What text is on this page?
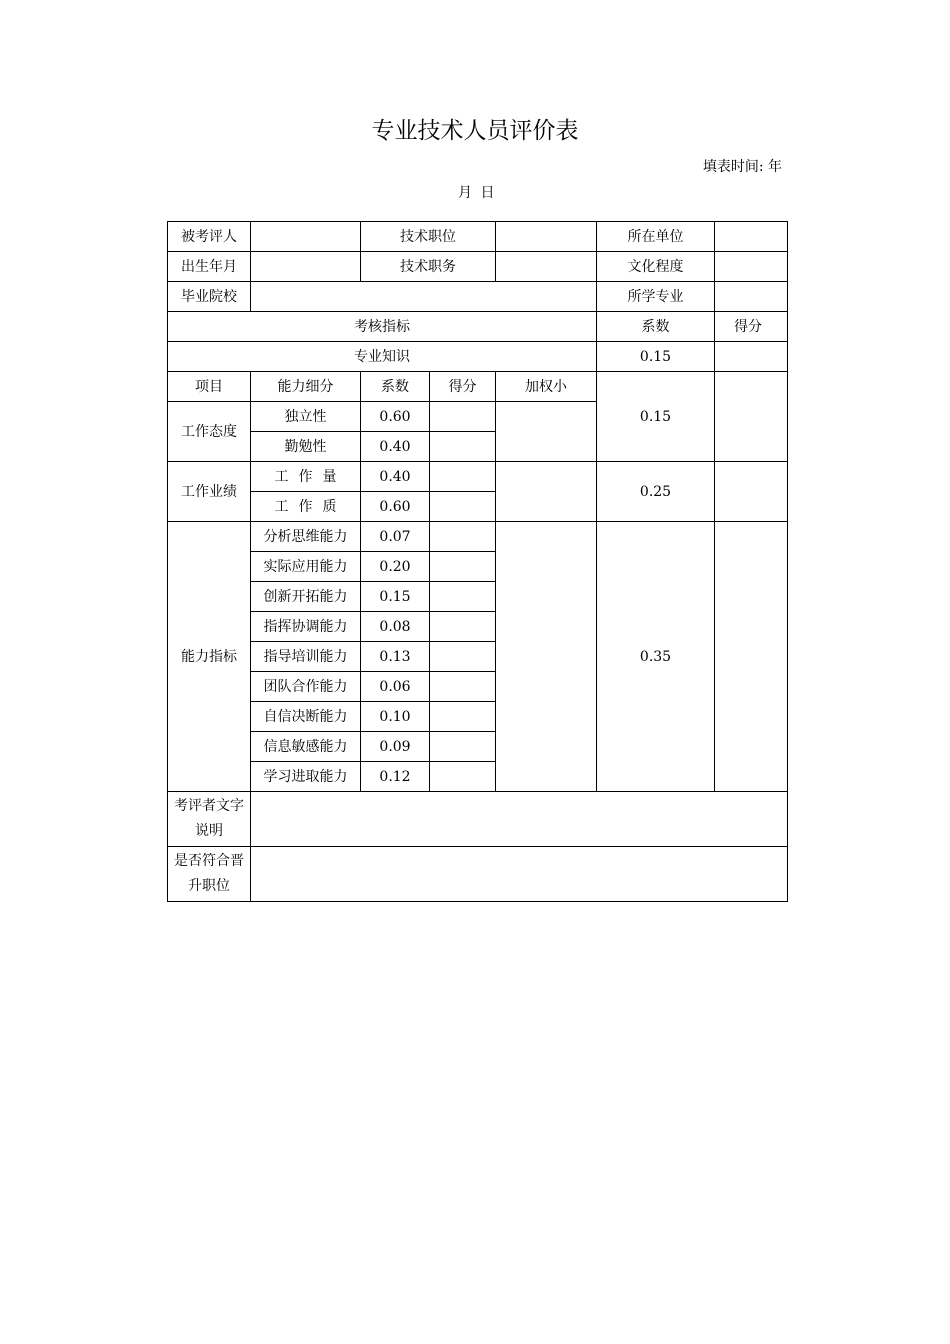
专业技术人员评价表
填表时间: 年
月 日
被考评人		技术职位			所在单位	
出生年月		技术职务			文化程度	
毕业院校					所学专业	
考核指标					系数	得分
专业知识					0.15	
项目	能力细分	系数	得分	加权小	0.15	
工作态度	独立性	0.60				
	勤勉性	0.40				
工作业绩	工作量	0.40			0.25	
	工作质	0.60				
能力指标	分析思维能力	0.07			0.35	
	实际应用能力	0.20				
	创新开拓能力	0.15				
	指挥协调能力	0.08				
	指导培训能力	0.13				
	团队合作能力	0.06				
	自信决断能力	0.10				
	信息敏感能力	0.09				
	学习进取能力	0.12				
考评者文字
说明						
是否符合晋
升职位						
